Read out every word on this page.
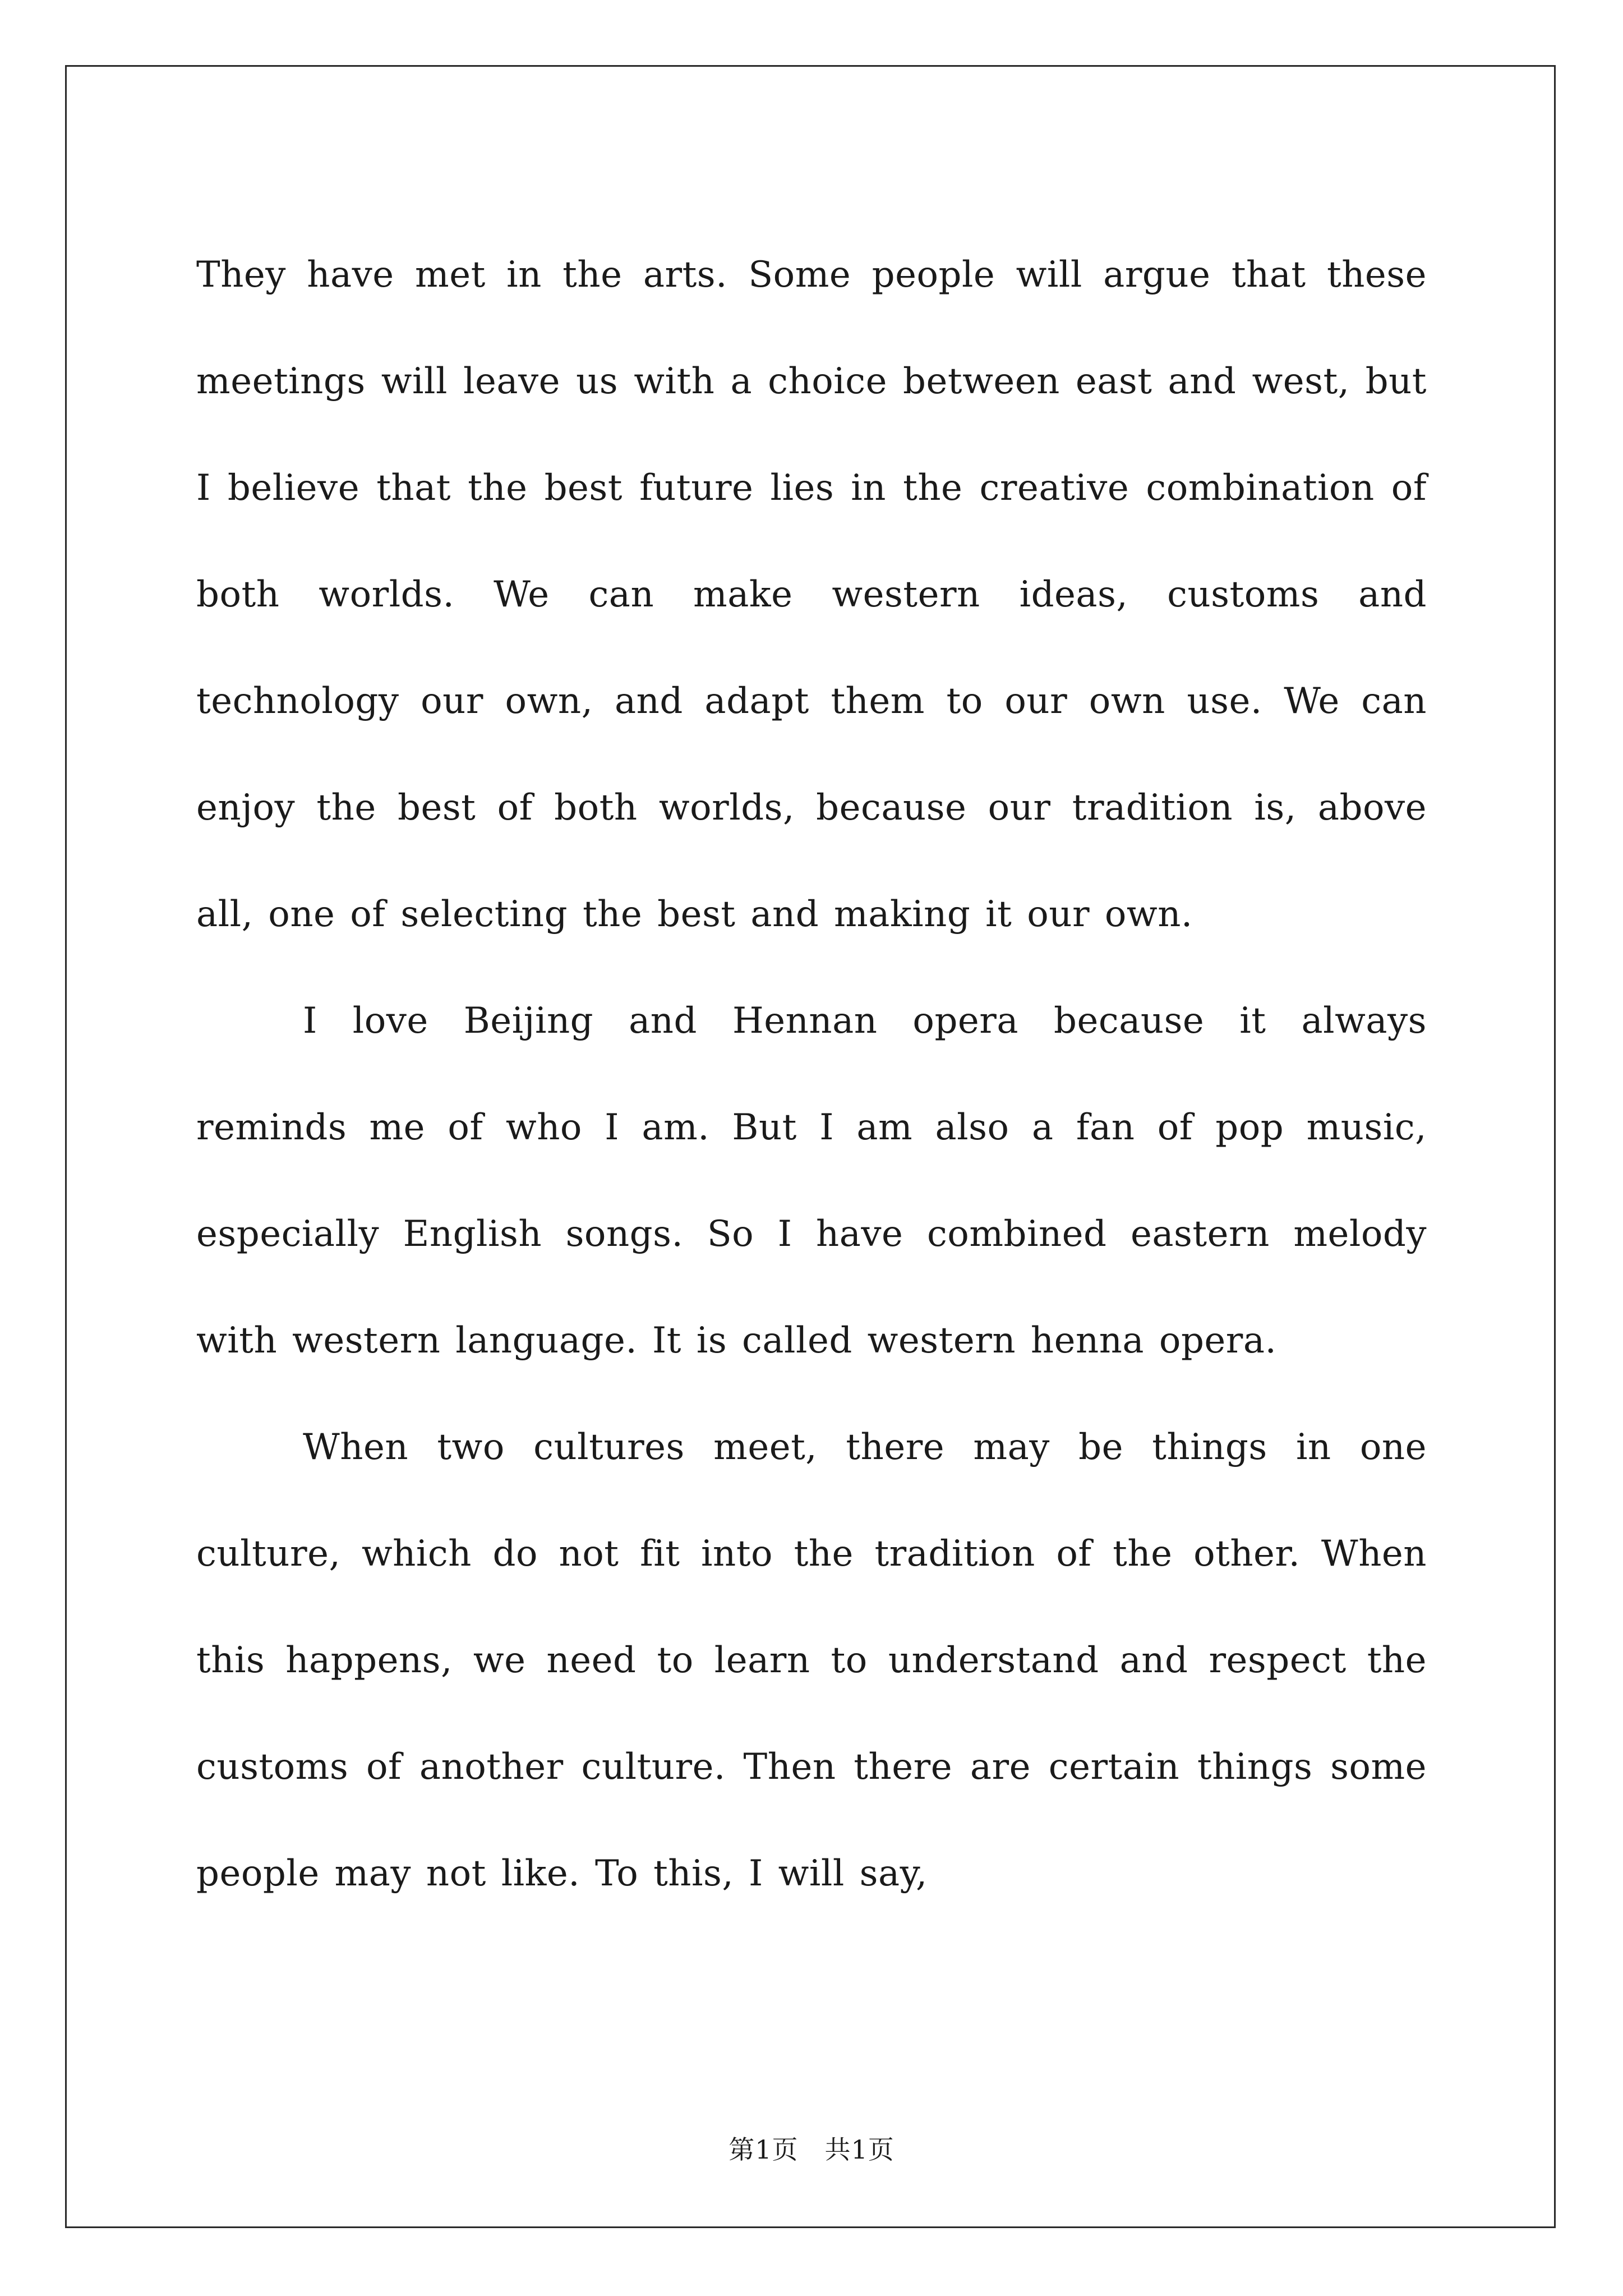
They have met in the arts. Some people will argue that these meetings will leave us with a choice between east and west, but I believe that the best future lies in the creative combination of both worlds. We can make western ideas, customs and technology our own, and adapt them to our own use. We can enjoy the best of both worlds, because our tradition is, above all, one of selecting the best and making it our own.

I love Beijing and Hennan opera because it always reminds me of who I am. But I am also a fan of pop music, especially English songs. So I have combined eastern melody with western language. It is called western henna opera.

When two cultures meet, there may be things in one culture, which do not fit into the tradition of the other. When this happens, we need to learn to understand and respect the customs of another culture. Then there are certain things some people may not like. To this, I will say,

第1页 共1页
